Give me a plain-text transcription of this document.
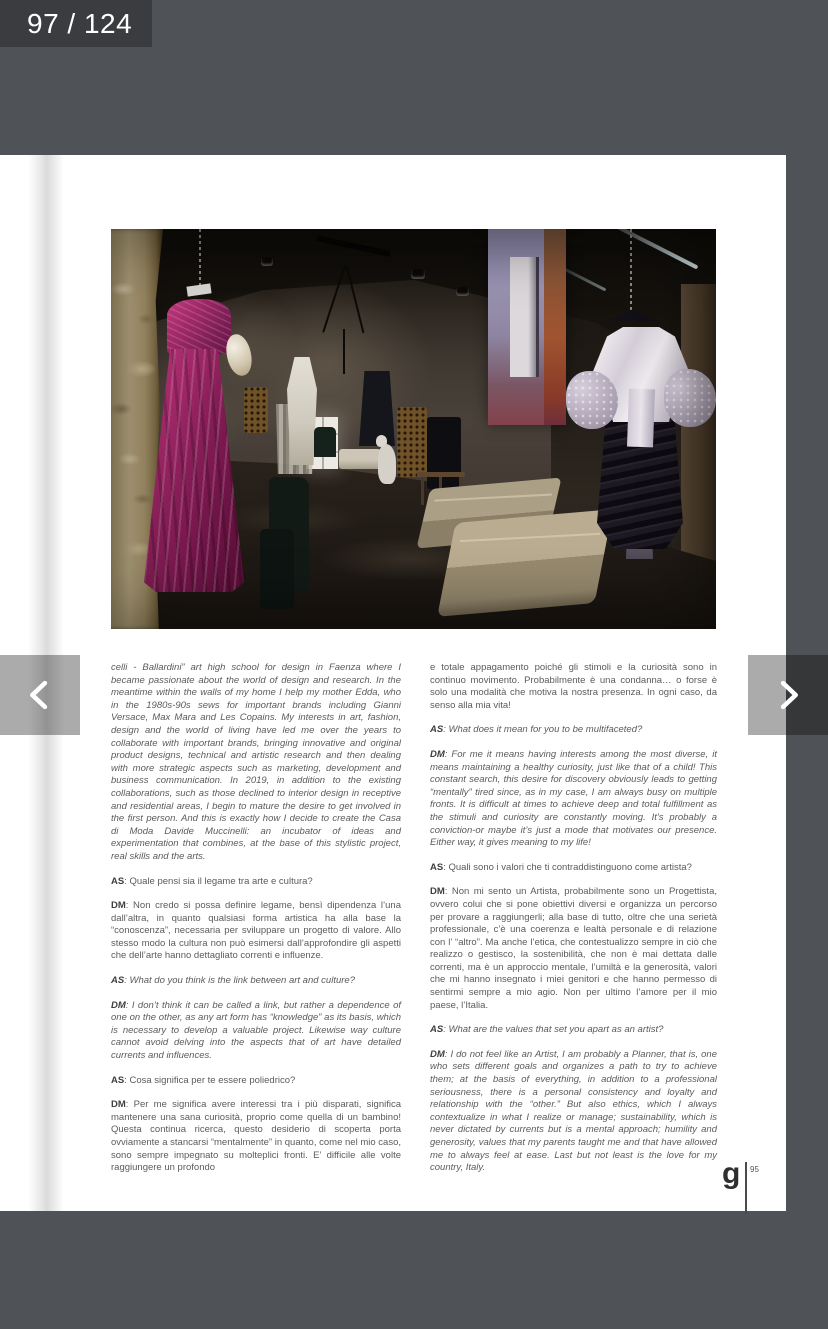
97 / 124

celli - Ballardini” art high school for design in Faenza where I became passionate about the world of design and research. In the meantime within the walls of my home I help my mother Edda, who in the 1980s-90s sews for important brands including Gianni Versace, Max Mara and Les Copains. My interests in art, fashion, design and the world of living have led me over the years to collaborate with important brands, bringing innovative and original product designs, technical and artistic research and then dealing with more strategic aspects such as marketing, development and business communication. In 2019, in addition to the existing collaborations, such as those declined to interior design in receptive and residential areas, I begin to mature the desire to get involved in the first person. And this is exactly how I decide to create the Casa di Moda Davide Muccinelli: an incubator of ideas and experimentation that combines, at the base of this stylistic project, real skills and the arts.

AS: Quale pensi sia il legame tra arte e cultura?

DM: Non credo si possa definire legame, bensì dipendenza l’una dall’altra, in quanto qualsiasi forma artistica ha alla base la “conoscenza”, necessaria per sviluppare un progetto di valore. Allo stesso modo la cultura non può esimersi dall’approfondire gli aspetti che dell’arte hanno dettagliato correnti e influenze.

AS: What do you think is the link between art and culture?

DM: I don’t think it can be called a link, but rather a dependence of one on the other, as any art form has “knowledge” as its basis, which is necessary to develop a valuable project. Likewise way culture cannot avoid delving into the aspects that of art have detailed currents and influences.

AS: Cosa significa per te essere poliedrico?

DM: Per me significa avere interessi tra i più disparati, significa mantenere una sana curiosità, proprio come quella di un bambino! Questa continua ricerca, questo desiderio di scoperta porta ovviamente a stancarsi “mentalmente” in quanto, come nel mio caso, sono sempre impegnato su molteplici fronti. E’ difficile alle volte raggiungere un profondo

e totale appagamento poiché gli stimoli e la curiosità sono in continuo movimento. Probabilmente è una condanna… o forse è solo una modalità che motiva la nostra presenza. In ogni caso, da senso alla mia vita!

AS: What does it mean for you to be multifaceted?

DM: For me it means having interests among the most diverse, it means maintaining a healthy curiosity, just like that of a child! This constant search, this desire for discovery obviously leads to getting “mentally” tired since, as in my case, I am always busy on multiple fronts. It is difficult at times to achieve deep and total fulfillment as the stimuli and curiosity are constantly moving. It’s probably a conviction-or maybe it’s just a mode that motivates our presence. Either way, it gives meaning to my life!

AS: Quali sono i valori che ti contraddistinguono come artista?

DM: Non mi sento un Artista, probabilmente sono un Progettista, ovvero colui che si pone obiettivi diversi e organizza un percorso per provare a raggiungerli; alla base di tutto, oltre che una serietà professionale, c’è una coerenza e lealtà personale e di relazione con l’ “altro”. Ma anche l’etica, che contestualizzo sempre in ciò che realizzo o gestisco, la sostenibilità, che non è mai dettata dalle correnti, ma è un approccio mentale, l’umiltà e la generosità, valori che mi hanno insegnato i miei genitori e che hanno permesso di sentirmi sempre a mio agio. Non per ultimo l’amore per il mio paese, l’Italia.

AS: What are the values that set you apart as an artist?

DM: I do not feel like an Artist, I am probably a Planner, that is, one who sets different goals and organizes a path to try to achieve them; at the basis of everything, in addition to a professional seriousness, there is a personal consistency and loyalty and relationship with the “other.” But also ethics, which I always contextualize in what I realize or manage; sustainability, which is never dictated by currents but is a mental approach; humility and generosity, values that my parents taught me and that have allowed me to always feel at ease. Last but not least is the love for my country, Italy.	g 95
